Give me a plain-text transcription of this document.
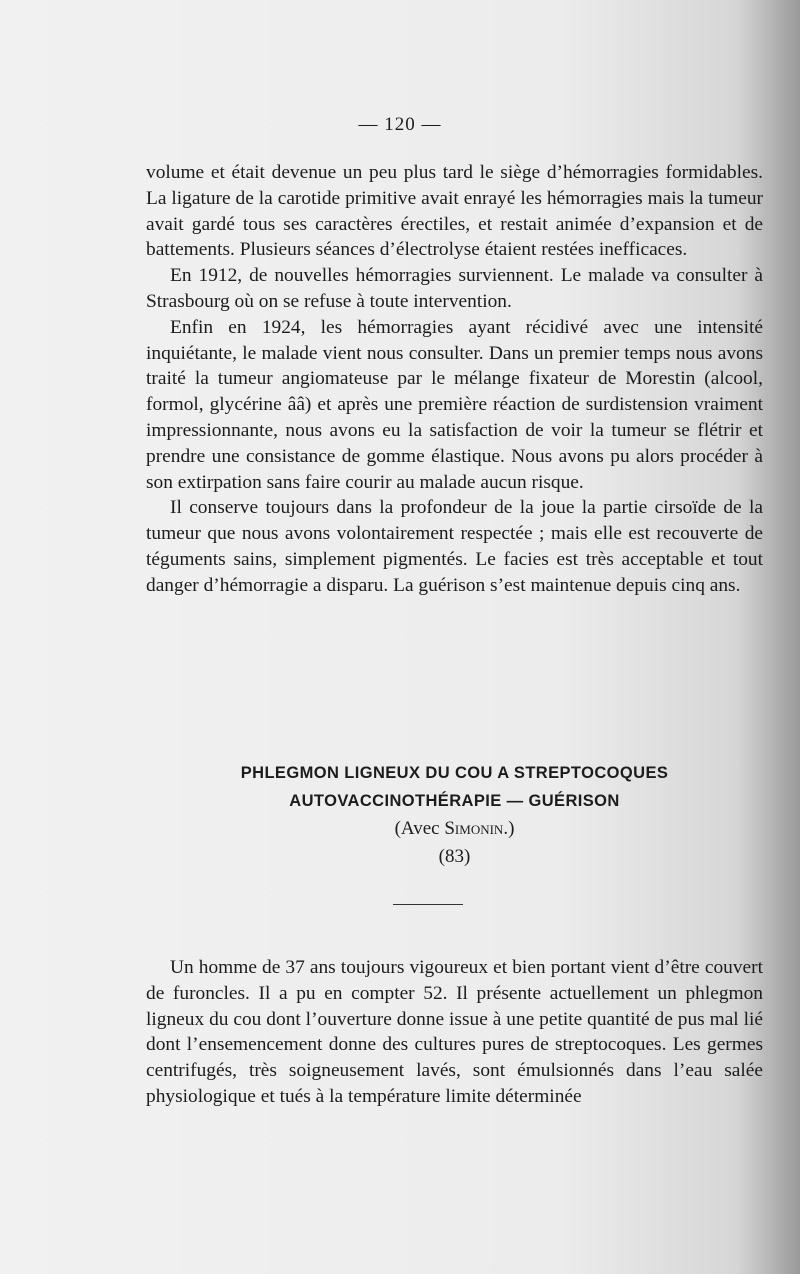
— 120 —

volume et était devenue un peu plus tard le siège d’hémorragies formidables. La ligature de la carotide primitive avait enrayé les hémorragies mais la tumeur avait gardé tous ses caractères érectiles, et restait animée d’expansion et de battements. Plusieurs séances d’électrolyse étaient restées inefficaces.

En 1912, de nouvelles hémorragies surviennent. Le malade va consulter à Strasbourg où on se refuse à toute intervention.

Enfin en 1924, les hémorragies ayant récidivé avec une intensité inquiétante, le malade vient nous consulter. Dans un premier temps nous avons traité la tumeur angiomateuse par le mélange fixateur de Morestin (alcool, formol, glycérine ââ) et après une première réaction de surdistension vraiment impressionnante, nous avons eu la satisfaction de voir la tumeur se flétrir et prendre une consistance de gomme élastique. Nous avons pu alors procéder à son extirpation sans faire courir au malade aucun risque.

Il conserve toujours dans la profondeur de la joue la partie cirsoïde de la tumeur que nous avons volontairement respectée ; mais elle est recouverte de téguments sains, simplement pigmentés. Le facies est très acceptable et tout danger d’hémorragie a disparu. La guérison s’est maintenue depuis cinq ans.

PHLEGMON LIGNEUX DU COU A STREPTOCOQUES
AUTOVACCINOTHÉRAPIE — GUÉRISON
(Avec Simonin.)
(83)

Un homme de 37 ans toujours vigoureux et bien portant vient d’être couvert de furoncles. Il a pu en compter 52. Il présente actuellement un phlegmon ligneux du cou dont l’ouverture donne issue à une petite quantité de pus mal lié dont l’ensemencement donne des cultures pures de streptocoques. Les germes centrifugés, très soigneusement lavés, sont émulsionnés dans l’eau salée physiologique et tués à la température limite déterminée
